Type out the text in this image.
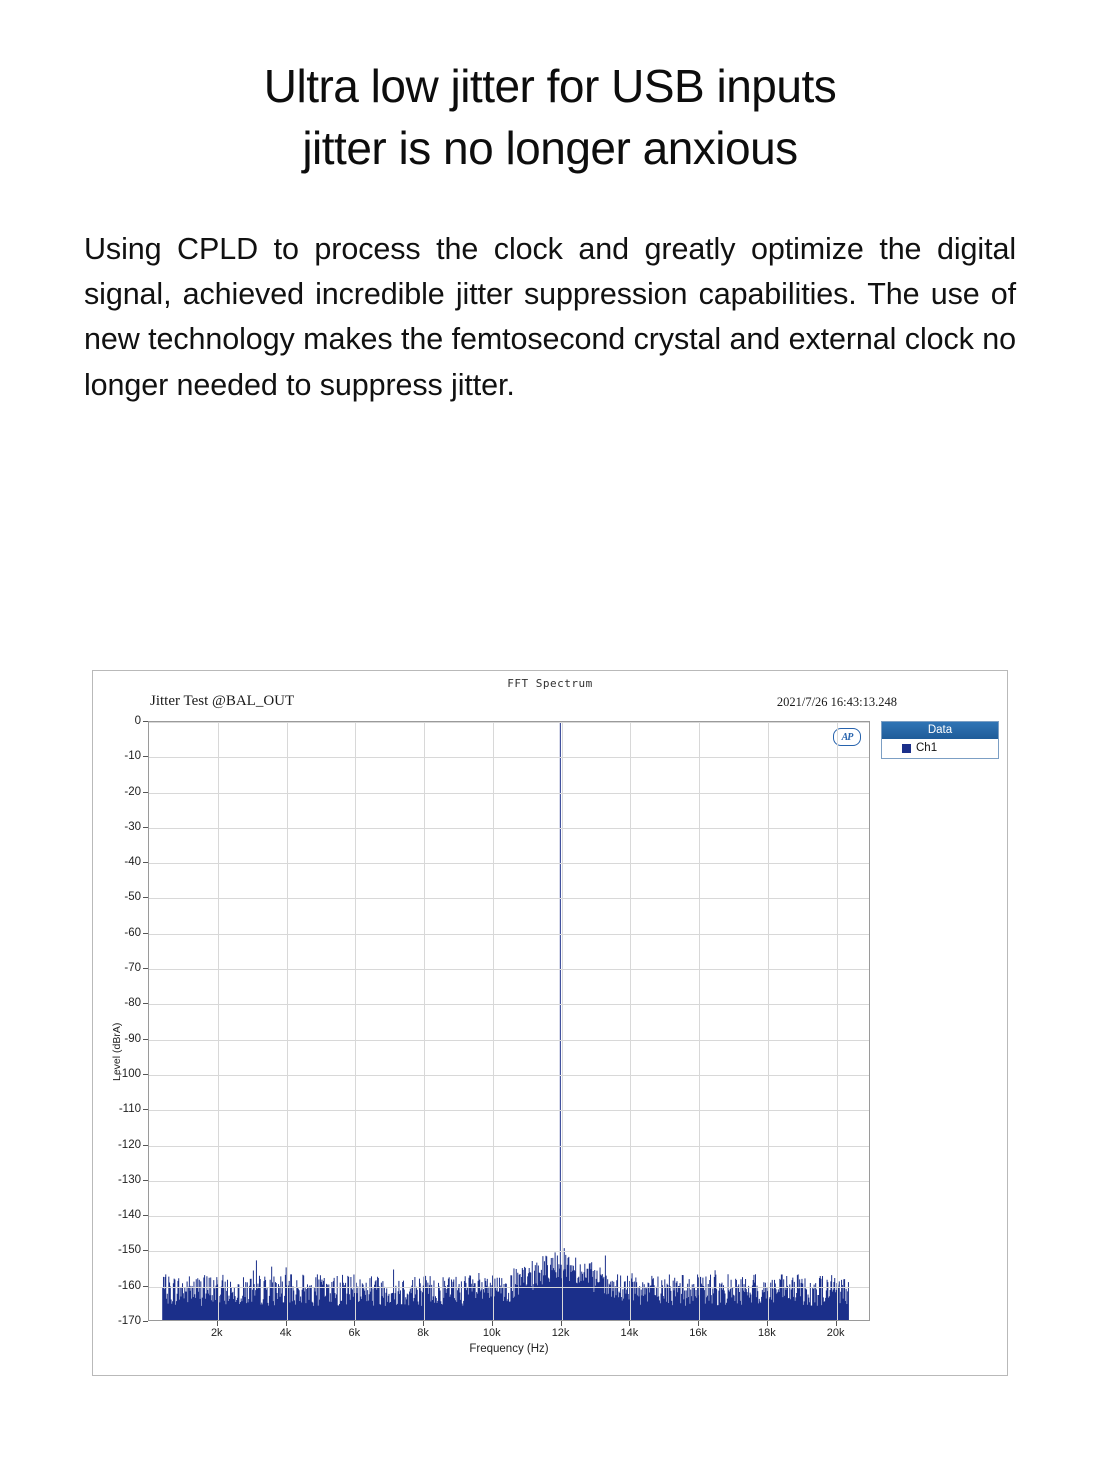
Ultra low jitter for USB inputs
jitter is no longer anxious

Using CPLD to process the clock and greatly optimize the digital signal, achieved incredible jitter suppression capabilities. The use of new technology makes the femtosecond crystal and external clock no longer needed to suppress jitter.

FFT Spectrum
Jitter Test @BAL_OUT	2021/7/26 16:43:13.248
Level (dBrA)
AP
Frequency (Hz)
Data
Ch1
0
-10
-20
-30
-40
-50
-60
-70
-80
-90
-100
-110
-120
-130
-140
-150
-160
-170
2k	4k	6k	8k	10k	12k	14k	16k	18k	20k
